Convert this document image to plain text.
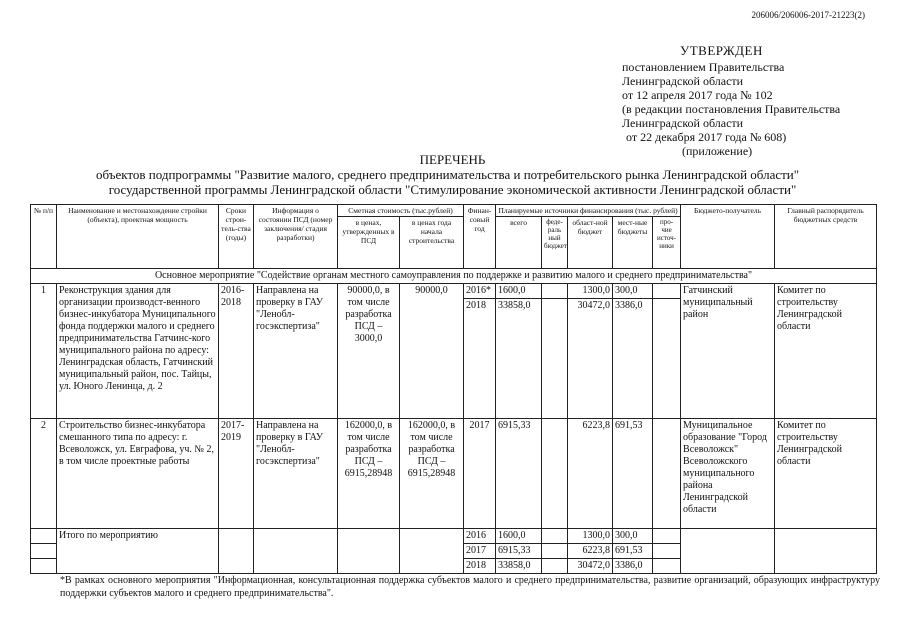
206006/206006-2017-21223(2)
УТВЕРЖДЕН
постановлением Правительства
Ленинградской области
от 12 апреля 2017 года № 102
(в редакции постановления Правительства
Ленинградской области
от 22 декабря 2017 года № 608)
(приложение)
ПЕРЕЧЕНЬ
объектов подпрограммы "Развитие малого, среднего предпринимательства и потребительского рынка Ленинградской области"
государственной программы Ленинградской области "Стимулирование экономической активности Ленинградской области"
№ п/п	Наименование и местонахождение стройки (объекта), проектная мощность	Сроки строи-тель-ства (годы)	Информация о состоянии ПСД (номер заключения/ стадия разработки)	Сметная стоимость (тыс.рублей)		Финан-совый год	Планируемые источники финансирования (тыс. рублей)					Бюджето-получатель	Главный распорядитель бюджетных средств
				в ценах, утвержденных в ПСД	в ценах года начала строительства		всего	феде-раль ный бюджет	област-ной бюджет	мест-ные бюджеты	про-чие источ-ники		
Основное мероприятие "Содействие органам местного самоуправления по поддержке и развитию малого и среднего предпринимательства"													
1	Реконструкция здания для организации производст-венного бизнес-инкубатора Муниципального фонда поддержки малого и среднего предпринимательства Гатчинс-кого муниципального района по адресу: Ленинградская область, Гатчинский муниципальный район, пос. Тайцы, ул. Юного Ленинца, д. 2	2016-2018	Направлена на проверку в ГАУ "Ленобл-госэкспертиза"	90000,0, в том числе разработка ПСД – 3000,0	90000,0	2016*	1600,0		1300,0	300,0		Гатчинский муниципальный район	Комитет по строительству Ленинградской области
						2018	33858,0		30472,0	3386,0			
2	Строительство бизнес-инкубатора смешанного типа по адресу: г. Всеволожск, ул. Евграфова, уч. № 2, в том числе проектные работы	2017-2019	Направлена на проверку в ГАУ "Ленобл-госэкспертиза"	162000,0, в том числе разработка ПСД – 6915,28948	162000,0, в том числе разработка ПСД – 6915,28948	2017	6915,33		6223,8	691,53		Муниципальное образование "Город Всеволожск" Всеволожского муниципального района Ленинградской области	Комитет по строительству Ленинградской области
	Итого по мероприятию					2016	1600,0		1300,0	300,0			
						2017	6915,33		6223,8	691,53			
						2018	33858,0		30472,0	3386,0			
*В рамках основного мероприятия "Информационная, консультационная поддержка субъектов малого и среднего предпринимательства, развитие организаций, образующих инфраструктуру поддержки субъектов малого и среднего предпринимательства".
